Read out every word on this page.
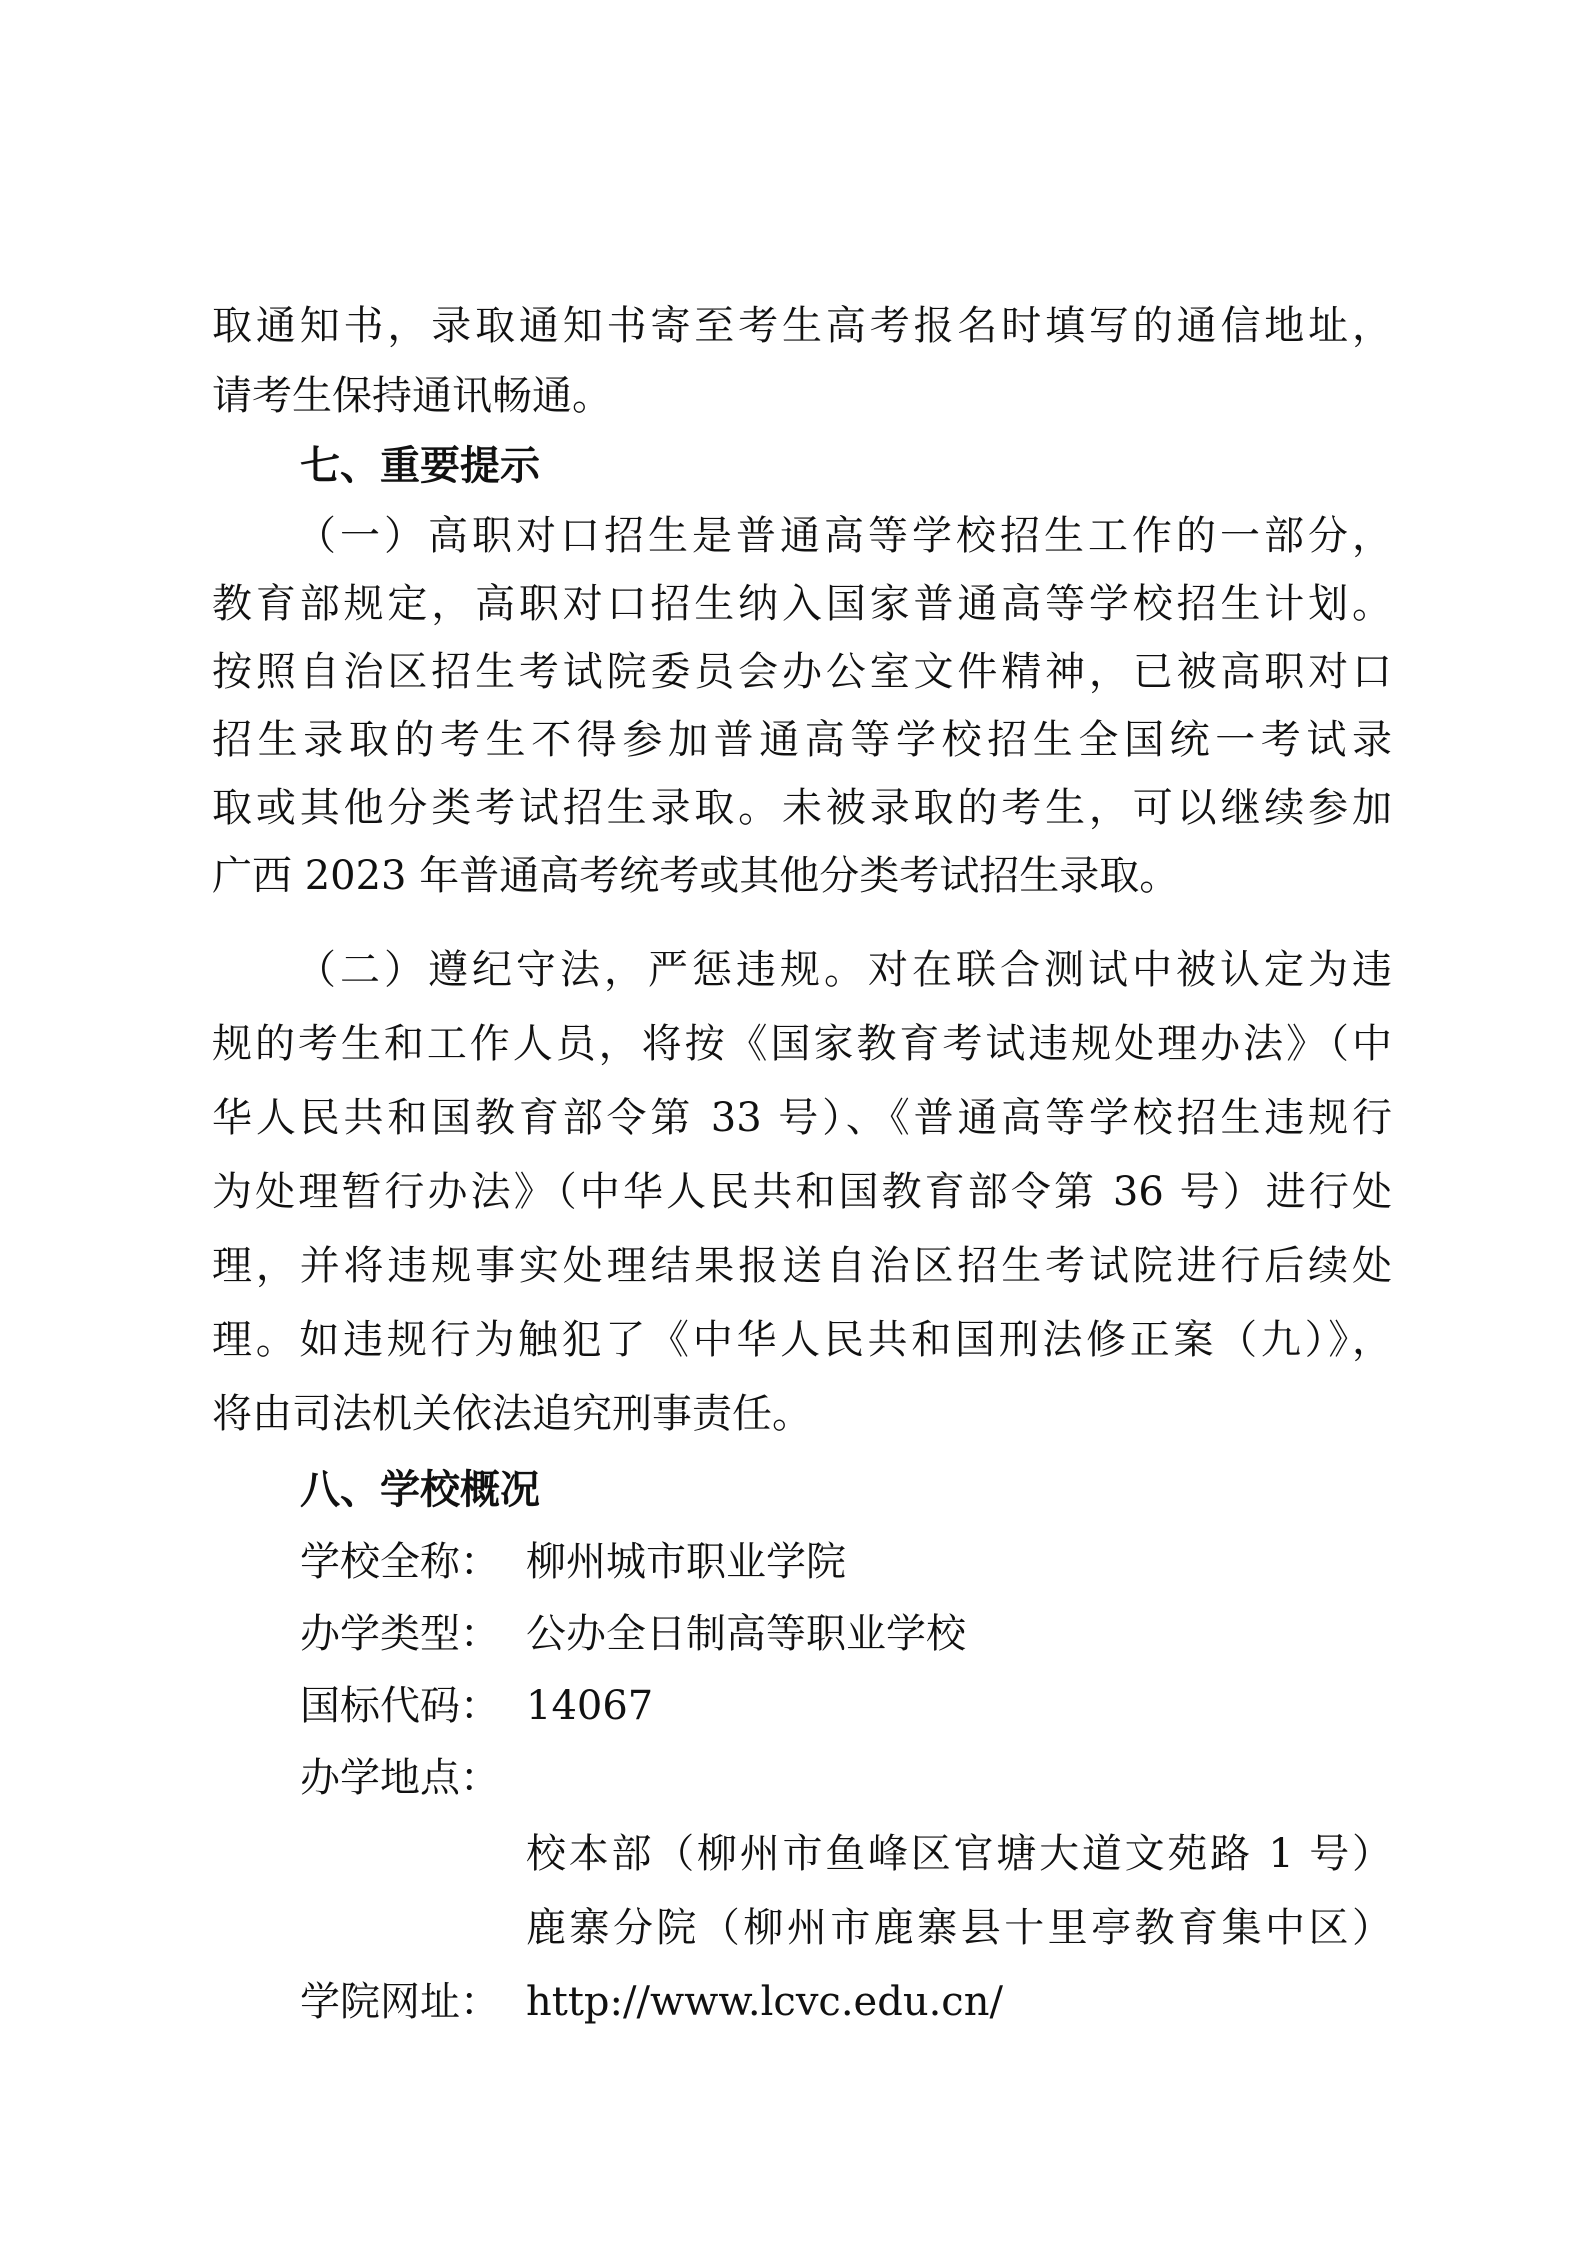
取通知书，录取通知书寄至考生高考报名时填写的通信地址，
请考生保持通讯畅通。
七、重要提示
（一）高职对口招生是普通高等学校招生工作的一部分，
教育部规定，高职对口招生纳入国家普通高等学校招生计划。
按照自治区招生考试院委员会办公室文件精神，已被高职对口
招生录取的考生不得参加普通高等学校招生全国统一考试录
取或其他分类考试招生录取。未被录取的考生，可以继续参加
广西 2023 年普通高考统考或其他分类考试招生录取。
（二）遵纪守法，严惩违规。对在联合测试中被认定为违
规的考生和工作人员，将按《国家教育考试违规处理办法》（中
华人民共和国教育部令第 33 号）、《普通高等学校招生违规行
为处理暂行办法》（中华人民共和国教育部令第 36 号）进行处
理，并将违规事实处理结果报送自治区招生考试院进行后续处
理。如违规行为触犯了《中华人民共和国刑法修正案（九）》，
将由司法机关依法追究刑事责任。
八、学校概况
学校全称： 柳州城市职业学院
办学类型： 公办全日制高等职业学校
国标代码： 14067
办学地点：
校本部（柳州市鱼峰区官塘大道文苑路 1 号）
鹿寨分院（柳州市鹿寨县十里亭教育集中区）
学院网址： http://www.lcvc.edu.cn/
